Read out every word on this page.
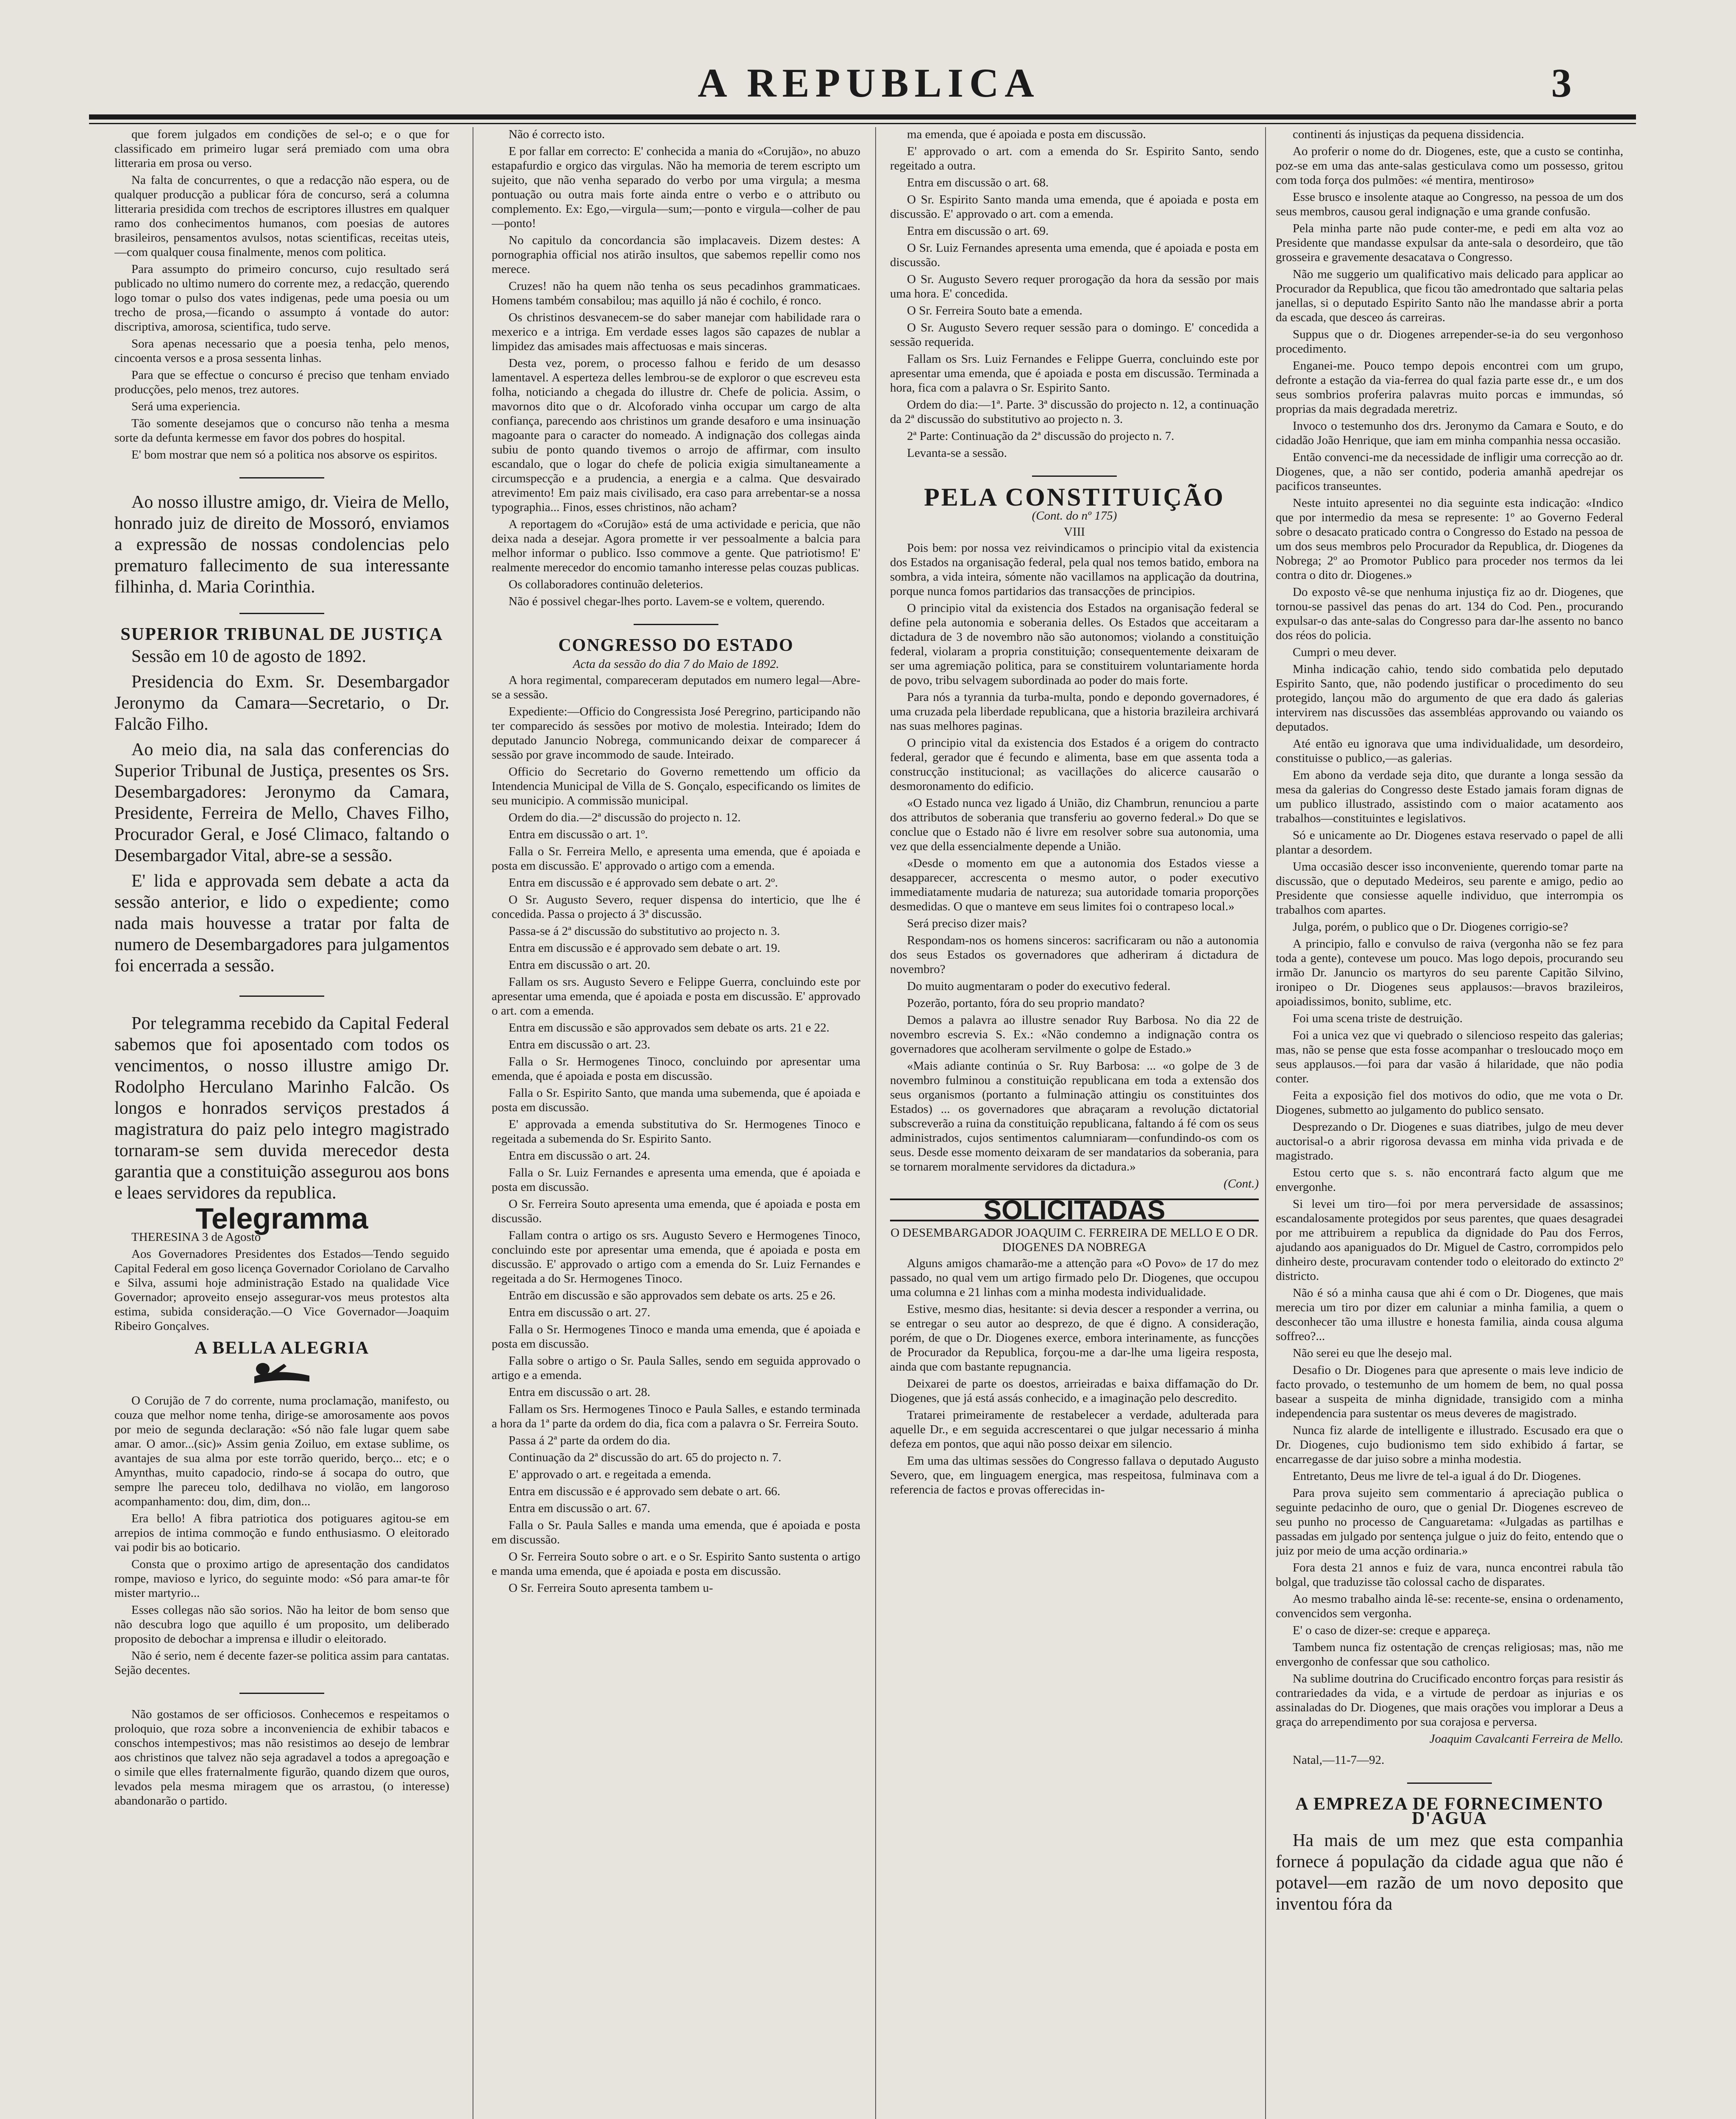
A REPUBLICA	3

que forem julgados em condições de sel-o; e o que for classificado em primeiro lugar será premiado com uma obra litteraria em prosa ou verso.

Na falta de concurrentes, o que a redacção não espera, ou de qualquer producção a publicar fóra de concurso, será a columna litteraria presidida com trechos de escriptores illustres em qualquer ramo dos conhecimentos humanos, com poesias de autores brasileiros, pensamentos avulsos, notas scientificas, receitas uteis,—com qualquer cousa finalmente, menos com politica.

Para assumpto do primeiro concurso, cujo resultado será publicado no ultimo numero do corrente mez, a redacção, querendo logo tomar o pulso dos vates indigenas, pede uma poesia ou um trecho de prosa,—ficando o assumpto á vontade do autor: discriptiva, amorosa, scientifica, tudo serve.

Sora apenas necessario que a poesia tenha, pelo menos, cincoenta versos e a prosa sessenta linhas.

Para que se effectue o concurso é preciso que tenham enviado producções, pelo menos, trez autores.

Será uma experiencia.

Tão somente desejamos que o concurso não tenha a mesma sorte da defunta kermesse em favor dos pobres do hospital.

E' bom mostrar que nem só a politica nos absorve os espiritos.

Ao nosso illustre amigo, dr. Vieira de Mello, honrado juiz de direito de Mossoró, enviamos a expressão de nossas condolencias pelo prematuro fallecimento de sua interessante filhinha, d. Maria Corinthia.

SUPERIOR TRIBUNAL DE JUSTIÇA

Sessão em 10 de agosto de 1892.

Presidencia do Exm. Sr. Desembargador Jeronymo da Camara—Secretario, o Dr. Falcão Filho.

Ao meio dia, na sala das conferencias do Superior Tribunal de Justiça, presentes os Srs. Desembargadores: Jeronymo da Camara, Presidente, Ferreira de Mello, Chaves Filho, Procurador Geral, e José Climaco, faltando o Desembargador Vital, abre-se a sessão.

E' lida e approvada sem debate a acta da sessão anterior, e lido o expediente; como nada mais houvesse a tratar por falta de numero de Desembargadores para julgamentos foi encerrada a sessão.

Por telegramma recebido da Capital Federal sabemos que foi aposentado com todos os vencimentos, o nosso illustre amigo Dr. Rodolpho Herculano Marinho Falcão. Os longos e honrados serviços prestados á magistratura do paiz pelo integro magistrado tornaram-se sem duvida merecedor desta garantia que a constituição assegurou aos bons e leaes servidores da republica.

Telegramma

THERESINA 3 de Agosto

Aos Governadores Presidentes dos Estados—Tendo seguido Capital Federal em goso licença Governador Coriolano de Carvalho e Silva, assumi hoje administração Estado na qualidade Vice Governador; aproveito ensejo assegurar-vos meus protestos alta estima, subida consideração.—O Vice Governador—Joaquim Ribeiro Gonçalves.

A BELLA ALEGRIA

O Corujão de 7 do corrente, numa proclamação, manifesto, ou couza que melhor nome tenha, dirige-se amorosamente aos povos por meio de segunda declaração: «Só não fale lugar quem sabe amar. O amor...(sic)» Assim genia Zoiluo, em extase sublime, os avantajes de sua alma por este torrão querido, berço... etc; e o Amynthas, muito capadocio, rindo-se á socapa do outro, que sempre lhe pareceu tolo, dedilhava no violão, em langoroso acompanhamento: dou, dim, dim, don...

Era bello! A fibra patriotica dos potiguares agitou-se em arrepios de intima commoção e fundo enthusiasmo. O eleitorado vai podir bis ao boticario.

Consta que o proximo artigo de apresentação dos candidatos rompe, mavioso e lyrico, do seguinte modo: «Só para amar-te fôr mister martyrio...

Esses collegas não são sorios. Não ha leitor de bom senso que não descubra logo que aquillo é um proposito, um deliberado proposito de debochar a imprensa e illudir o eleitorado.

Não é serio, nem é decente fazer-se politica assim para cantatas. Sejão decentes.

Não gostamos de ser officiosos. Conhecemos e respeitamos o proloquio, que roza sobre a inconveniencia de exhibir tabacos e conschos intempestivos; mas não resistimos ao desejo de lembrar aos christinos que talvez não seja agradavel a todos a apregoação e o simile que elles fraternalmente figurão, quando dizem que ouros, levados pela mesma miragem que os arrastou, (o interesse) abandonarão o partido.

Não é correcto isto.

E por fallar em correcto: E' conhecida a mania do «Corujão», no abuzo estapafurdio e orgico das virgulas. Não ha memoria de terem escripto um sujeito, que não venha separado do verbo por uma virgula; a mesma pontuação ou outra mais forte ainda entre o verbo e o attributo ou complemento. Ex: Ego,—virgula—sum;—ponto e virgula—colher de pau—ponto!

No capitulo da concordancia são implacaveis. Dizem destes: A pornographia official nos atirão insultos, que sabemos repellir como nos merece.

Cruzes! não ha quem não tenha os seus pecadinhos grammaticaes. Homens também consabilou; mas aquillo já não é cochilo, é ronco.

Os christinos desvanecem-se do saber manejar com habilidade rara o mexerico e a intriga. Em verdade esses lagos são capazes de nublar a limpidez das amisades mais affectuosas e mais sinceras.

Desta vez, porem, o processo falhou e ferido de um desasso lamentavel. A esperteza delles lembrou-se de exploror o que escreveu esta folha, noticiando a chegada do illustre dr. Chefe de policia. Assim, o mavornos dito que o dr. Alcoforado vinha occupar um cargo de alta confiança, parecendo aos christinos um grande desaforo e uma insinuação magoante para o caracter do nomeado. A indignação dos collegas ainda subiu de ponto quando tivemos o arrojo de affirmar, com insulto escandalo, que o logar do chefe de policia exigia simultaneamente a circumspecção e a prudencia, a energia e a calma. Que desvairado atrevimento! Em paiz mais civilisado, era caso para arrebentar-se a nossa typographia... Finos, esses christinos, não acham?

A reportagem do «Corujão» está de uma actividade e pericia, que não deixa nada a desejar. Agora promette ir ver pessoalmente a balcia para melhor informar o publico. Isso commove a gente. Que patriotismo! E' realmente merecedor do encomio tamanho interesse pelas couzas publicas.

Os collaboradores continuão deleterios.

Não é possivel chegar-lhes porto. Lavem-se e voltem, querendo.

CONGRESSO DO ESTADO
Acta da sessão do dia 7 do Maio de 1892.

A hora regimental, compareceram deputados em numero legal—Abre-se a sessão.

Expediente:—Officio do Congressista José Peregrino, participando não ter comparecido ás sessões por motivo de molestia. Inteirado; Idem do deputado Januncio Nobrega, communicando deixar de comparecer á sessão por grave incommodo de saude. Inteirado.

Officio do Secretario do Governo remettendo um officio da Intendencia Municipal de Villa de S. Gonçalo, especificando os limites de seu municipio. A commissão municipal.

Ordem do dia.—2ª discussão do projecto n. 12.

Entra em discussão o art. 1º.

Falla o Sr. Ferreira Mello, e apresenta uma emenda, que é apoiada e posta em discussão. E' approvado o artigo com a emenda.

Entra em discussão e é approvado sem debate o art. 2º.

O Sr. Augusto Severo, requer dispensa do interticio, que lhe é concedida. Passa o projecto á 3ª discussão.

Passa-se á 2ª discussão do substitutivo ao projecto n. 3.

Entra em discussão e é approvado sem debate o art. 19.

Entra em discussão o art. 20.

Fallam os srs. Augusto Severo e Felippe Guerra, concluindo este por apresentar uma emenda, que é apoiada e posta em discussão. E' approvado o art. com a emenda.

Entra em discussão e são approvados sem debate os arts. 21 e 22.

Entra em discussão o art. 23.

Falla o Sr. Hermogenes Tinoco, concluindo por apresentar uma emenda, que é apoiada e posta em discussão.

Falla o Sr. Espirito Santo, que manda uma subemenda, que é apoiada e posta em discussão.

E' approvada a emenda substitutiva do Sr. Hermogenes Tinoco e regeitada a subemenda do Sr. Espirito Santo.

Entra em discussão o art. 24.

Falla o Sr. Luiz Fernandes e apresenta uma emenda, que é apoiada e posta em discussão.

O Sr. Ferreira Souto apresenta uma emenda, que é apoiada e posta em discussão.

Fallam contra o artigo os srs. Augusto Severo e Hermogenes Tinoco, concluindo este por apresentar uma emenda, que é apoiada e posta em discussão. E' approvado o artigo com a emenda do Sr. Luiz Fernandes e regeitada a do Sr. Hermogenes Tinoco.

Entrão em discussão e são approvados sem debate os arts. 25 e 26.

Entra em discussão o art. 27.

Falla o Sr. Hermogenes Tinoco e manda uma emenda, que é apoiada e posta em discussão.

Falla sobre o artigo o Sr. Paula Salles, sendo em seguida approvado o artigo e a emenda.

Entra em discussão o art. 28.

Fallam os Srs. Hermogenes Tinoco e Paula Salles, e estando terminada a hora da 1ª parte da ordem do dia, fica com a palavra o Sr. Ferreira Souto.

Passa á 2ª parte da ordem do dia.

Continuação da 2ª discussão do art. 65 do projecto n. 7.

E' approvado o art. e regeitada a emenda.

Entra em discussão e é approvado sem debate o art. 66.

Entra em discussão o art. 67.

Falla o Sr. Paula Salles e manda uma emenda, que é apoiada e posta em discussão.

O Sr. Ferreira Souto sobre o art. e o Sr. Espirito Santo sustenta o artigo e manda uma emenda, que é apoiada e posta em discussão.

O Sr. Ferreira Souto apresenta tambem u-

ma emenda, que é apoiada e posta em discussão.

E' approvado o art. com a emenda do Sr. Espirito Santo, sendo regeitado a outra.

Entra em discussão o art. 68.

O Sr. Espirito Santo manda uma emenda, que é apoiada e posta em discussão. E' approvado o art. com a emenda.

Entra em discussão o art. 69.

O Sr. Luiz Fernandes apresenta uma emenda, que é apoiada e posta em discussão.

O Sr. Augusto Severo requer prorogação da hora da sessão por mais uma hora. E' concedida.

O Sr. Ferreira Souto bate a emenda.

O Sr. Augusto Severo requer sessão para o domingo. E' concedida a sessão requerida.

Fallam os Srs. Luiz Fernandes e Felippe Guerra, concluindo este por apresentar uma emenda, que é apoiada e posta em discussão. Terminada a hora, fica com a palavra o Sr. Espirito Santo.

Ordem do dia:—1ª. Parte. 3ª discussão do projecto n. 12, a continuação da 2ª discussão do substitutivo ao projecto n. 3.

2ª Parte: Continuação da 2ª discussão do projecto n. 7.

Levanta-se a sessão.

PELA CONSTITUIÇÃO
(Cont. do nº 175)
VIII

Pois bem: por nossa vez reivindicamos o principio vital da existencia dos Estados na organisação federal, pela qual nos temos batido, embora na sombra, a vida inteira, sómente não vacillamos na applicação da doutrina, porque nunca fomos partidarios das transacções de principios.

O principio vital da existencia dos Estados na organisação federal se define pela autonomia e soberania delles. Os Estados que acceitaram a dictadura de 3 de novembro não são autonomos; violando a constituição federal, violaram a propria constituição; consequentemente deixaram de ser uma agremiação politica, para se constituirem voluntariamente horda de povo, tribu selvagem subordinada ao poder do mais forte.

Para nós a tyrannia da turba-multa, pondo e depondo governadores, é uma cruzada pela liberdade republicana, que a historia brazileira archivará nas suas melhores paginas.

O principio vital da existencia dos Estados é a origem do contracto federal, gerador que é fecundo e alimenta, base em que assenta toda a construcção institucional; as vacillações do alicerce causarão o desmoronamento do edificio.

«O Estado nunca vez ligado á União, diz Chambrun, renunciou a parte dos attributos de soberania que transferiu ao governo federal.» Do que se conclue que o Estado não é livre em resolver sobre sua autonomia, uma vez que della essencialmente depende a União.

«Desde o momento em que a autonomia dos Estados viesse a desapparecer, accrescenta o mesmo autor, o poder executivo immediatamente mudaria de natureza; sua autoridade tomaria proporções desmedidas. O que o manteve em seus limites foi o contrapeso local.»

Será preciso dizer mais?

Respondam-nos os homens sinceros: sacrificaram ou não a autonomia dos seus Estados os governadores que adheriram á dictadura de novembro?

Do muito augmentaram o poder do executivo federal.

Pozerão, portanto, fóra do seu proprio mandato?

Demos a palavra ao illustre senador Ruy Barbosa. No dia 22 de novembro escrevia S. Ex.: «Não condemno a indignação contra os governadores que acolheram servilmente o golpe de Estado.»

«Mais adiante continúa o Sr. Ruy Barbosa: ... «o golpe de 3 de novembro fulminou a constituição republicana em toda a extensão dos seus organismos (portanto a fulminação attingiu os constituintes dos Estados) ... os governadores que abraçaram a revolução dictatorial subscreverão a ruina da constituição republicana, faltando á fé com os seus administrados, cujos sentimentos calumniaram—confundindo-os com os seus. Desde esse momento deixaram de ser mandatarios da soberania, para se tornarem moralmente servidores da dictadura.»

(Cont.)
SOLICITADAS
O DESEMBARGADOR JOAQUIM C. FERREIRA DE MELLO E O DR. DIOGENES DA NOBREGA

Alguns amigos chamarão-me a attenção para «O Povo» de 17 do mez passado, no qual vem um artigo firmado pelo Dr. Diogenes, que occupou uma columna e 21 linhas com a minha modesta individualidade.

Estive, mesmo dias, hesitante: si devia descer a responder a verrina, ou se entregar o seu autor ao desprezo, de que é digno. A consideração, porém, de que o Dr. Diogenes exerce, embora interinamente, as funcções de Procurador da Republica, forçou-me a dar-lhe uma ligeira resposta, ainda que com bastante repugnancia.

Deixarei de parte os doestos, arrieiradas e baixa diffamação do Dr. Diogenes, que já está assás conhecido, e a imaginação pelo descredito.

Tratarei primeiramente de restabelecer a verdade, adulterada para aquelle Dr., e em seguida accrescentarei o que julgar necessario á minha defeza em pontos, que aqui não posso deixar em silencio.

Em uma das ultimas sessões do Congresso fallava o deputado Augusto Severo, que, em linguagem energica, mas respeitosa, fulminava com a referencia de factos e provas offerecidas in-

continenti ás injustiças da pequena dissidencia.

Ao proferir o nome do dr. Diogenes, este, que a custo se continha, poz-se em uma das ante-salas gesticulava como um possesso, gritou com toda força dos pulmões: «é mentira, mentiroso»

Esse brusco e insolente ataque ao Congresso, na pessoa de um dos seus membros, causou geral indignação e uma grande confusão.

Pela minha parte não pude conter-me, e pedi em alta voz ao Presidente que mandasse expulsar da ante-sala o desordeiro, que tão grosseira e gravemente desacatava o Congresso.

Não me suggerio um qualificativo mais delicado para applicar ao Procurador da Republica, que ficou tão amedrontado que saltaria pelas janellas, si o deputado Espirito Santo não lhe mandasse abrir a porta da escada, que desceo ás carreiras.

Suppus que o dr. Diogenes arrepender-se-ia do seu vergonhoso procedimento.

Enganei-me. Pouco tempo depois encontrei com um grupo, defronte a estação da via-ferrea do qual fazia parte esse dr., e um dos seus sombrios proferira palavras muito porcas e immundas, só proprias da mais degradada meretriz.

Invoco o testemunho dos drs. Jeronymo da Camara e Souto, e do cidadão João Henrique, que iam em minha companhia nessa occasião.

Então convenci-me da necessidade de infligir uma correcção ao dr. Diogenes, que, a não ser contido, poderia amanhã apedrejar os pacificos transeuntes.

Neste intuito apresentei no dia seguinte esta indicação: «Indico que por intermedio da mesa se represente: 1º ao Governo Federal sobre o desacato praticado contra o Congresso do Estado na pessoa de um dos seus membros pelo Procurador da Republica, dr. Diogenes da Nobrega; 2º ao Promotor Publico para proceder nos termos da lei contra o dito dr. Diogenes.»

Do exposto vê-se que nenhuma injustiça fiz ao dr. Diogenes, que tornou-se passivel das penas do art. 134 do Cod. Pen., procurando expulsar-o das ante-salas do Congresso para dar-lhe assento no banco dos réos do policia.

Cumpri o meu dever.

Minha indicação cahio, tendo sido combatida pelo deputado Espirito Santo, que, não podendo justificar o procedimento do seu protegido, lançou mão do argumento de que era dado ás galerias intervirem nas discussões das assembléas approvando ou vaiando os deputados.

Até então eu ignorava que uma individualidade, um desordeiro, constituisse o publico,—as galerias.

Em abono da verdade seja dito, que durante a longa sessão da mesa da galerias do Congresso deste Estado jamais foram dignas de um publico illustrado, assistindo com o maior acatamento aos trabalhos—constituintes e legislativos.

Só e unicamente ao Dr. Diogenes estava reservado o papel de alli plantar a desordem.

Uma occasião descer isso inconveniente, querendo tomar parte na discussão, que o deputado Medeiros, seu parente e amigo, pedio ao Presidente que consiesse aquelle individuo, que interrompia os trabalhos com apartes.

Julga, porém, o publico que o Dr. Diogenes corrigio-se?

A principio, fallo e convulso de raiva (vergonha não se fez para toda a gente), contevese um pouco. Mas logo depois, procurando seu irmão Dr. Januncio os martyros do seu parente Capitão Silvino, ironipeo o Dr. Diogenes seus applausos:—bravos brazileiros, apoiadissimos, bonito, sublime, etc.

Foi uma scena triste de destruição.

Foi a unica vez que vi quebrado o silencioso respeito das galerias; mas, não se pense que esta fosse acompanhar o tresloucado moço em seus applausos.—foi para dar vasão á hilaridade, que não podia conter.

Feita a exposição fiel dos motivos do odio, que me vota o Dr. Diogenes, submetto ao julgamento do publico sensato.

Desprezando o Dr. Diogenes e suas diatribes, julgo de meu dever auctorisal-o a abrir rigorosa devassa em minha vida privada e de magistrado.

Estou certo que s. s. não encontrará facto algum que me envergonhe.

Si levei um tiro—foi por mera perversidade de assassinos; escandalosamente protegidos por seus parentes, que quaes desagradei por me attribuirem a republica da dignidade do Pau dos Ferros, ajudando aos apaniguados do Dr. Miguel de Castro, corrompidos pelo dinheiro deste, procuravam contender todo o eleitorado do extincto 2º districto.

Não é só a minha causa que ahi é com o Dr. Diogenes, que mais merecia um tiro por dizer em caluniar a minha familia, a quem o desconhecer tão uma illustre e honesta familia, ainda cousa alguma soffreo?...

Não serei eu que lhe desejo mal.

Desafio o Dr. Diogenes para que apresente o mais leve indicio de facto provado, o testemunho de um homem de bem, no qual possa basear a suspeita de minha dignidade, transigido com a minha independencia para sustentar os meus deveres de magistrado.

Nunca fiz alarde de intelligente e illustrado. Escusado era que o Dr. Diogenes, cujo budionismo tem sido exhibido á fartar, se encarregasse de dar juiso sobre a minha modestia.

Entretanto, Deus me livre de tel-a igual á do Dr. Diogenes.

Para prova sujeito sem commentario á apreciação publica o seguinte pedacinho de ouro, que o genial Dr. Diogenes escreveo de seu punho no processo de Canguaretama: «Julgadas as partilhas e passadas em julgado por sentença julgue o juiz do feito, entendo que o juiz por meio de uma acção ordinaria.»

Fora desta 21 annos e fuiz de vara, nunca encontrei rabula tão bolgal, que traduzisse tão colossal cacho de disparates.

Ao mesmo trabalho ainda lê-se: recente-se, ensina o ordenamento, convencidos sem vergonha.

E' o caso de dizer-se: creque e appareça.

Tambem nunca fiz ostentação de crenças religiosas; mas, não me envergonho de confessar que sou catholico.

Na sublime doutrina do Crucificado encontro forças para resistir ás contrariedades da vida, e a virtude de perdoar as injurias e os assinaladas do Dr. Diogenes, que mais orações vou implorar a Deus a graça do arrependimento por sua corajosa e perversa.

Joaquim Cavalcanti Ferreira de Mello.

Natal,—11-7—92.

A EMPREZA DE FORNECIMENTO D'AGUA

Ha mais de um mez que esta companhia fornece á população da cidade agua que não é potavel—em razão de um novo deposito que inventou fóra da
